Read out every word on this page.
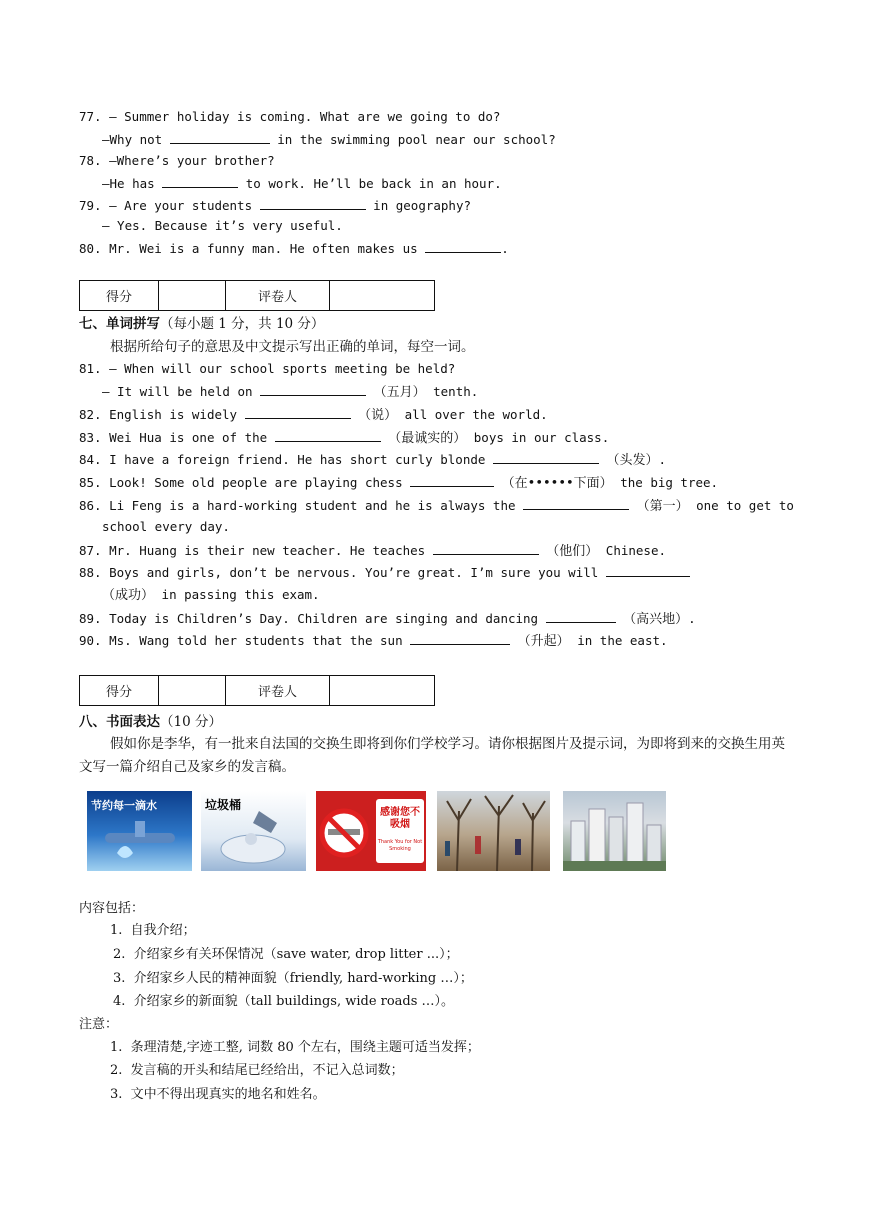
77. — Summer holiday is coming. What are we going to do?
—Why not	in the swimming pool near our school?
78. —Where’s your brother?
—He has	to work. He’ll be back in an hour.
79. — Are your students	in geography?
— Yes. Because it’s very useful.
80. Mr. Wei is a funny man. He often makes us	.
得分		评卷人	
七、单词拼写（每小题 1 分，共 10 分）
根据所给句子的意思及中文提示写出正确的单词，每空一词。
81. — When will our school sports meeting be held?
— It will be held on	（五月） tenth.
82. English is widely	（说） all over the world.
83. Wei Hua is one of the	（最诚实的） boys in our class.
84. I have a foreign friend. He has short curly blonde	（头发）.
85. Look! Some old people are playing chess	（在••••••下面） the big tree.
86. Li Feng is a hard-working student and he is always the	（第一） one to get to
school every day.
87. Mr. Huang is their new teacher. He teaches	（他们） Chinese.
88. Boys and girls, don’t be nervous. You’re great. I’m sure you will
（成功） in passing this exam.
89. Today is Children’s Day. Children are singing and dancing	（高兴地）.
90. Ms. Wang told her students that the sun	（升起） in the east.
得分		评卷人	
八、书面表达（10 分）
假如你是李华，有一批来自法国的交换生即将到你们学校学习。请你根据图片及提示词，为即将到来的交换生用英文写一篇介绍自己及家乡的发言稿。
节约每一滴水	垃圾桶
感谢您不吸烟
Thank You for Not Smoking
内容包括：
1.  自我介绍；
2.  介绍家乡有关环保情况（save water, drop litter ...）；
3.  介绍家乡人民的精神面貌（friendly, hard-working …）；
4.  介绍家乡的新面貌（tall buildings, wide roads …）。
注意：
1.  条理清楚,字迹工整, 词数 80 个左右，围绕主题可适当发挥；
2.  发言稿的开头和结尾已经给出，不记入总词数；
3.  文中不得出现真实的地名和姓名。
